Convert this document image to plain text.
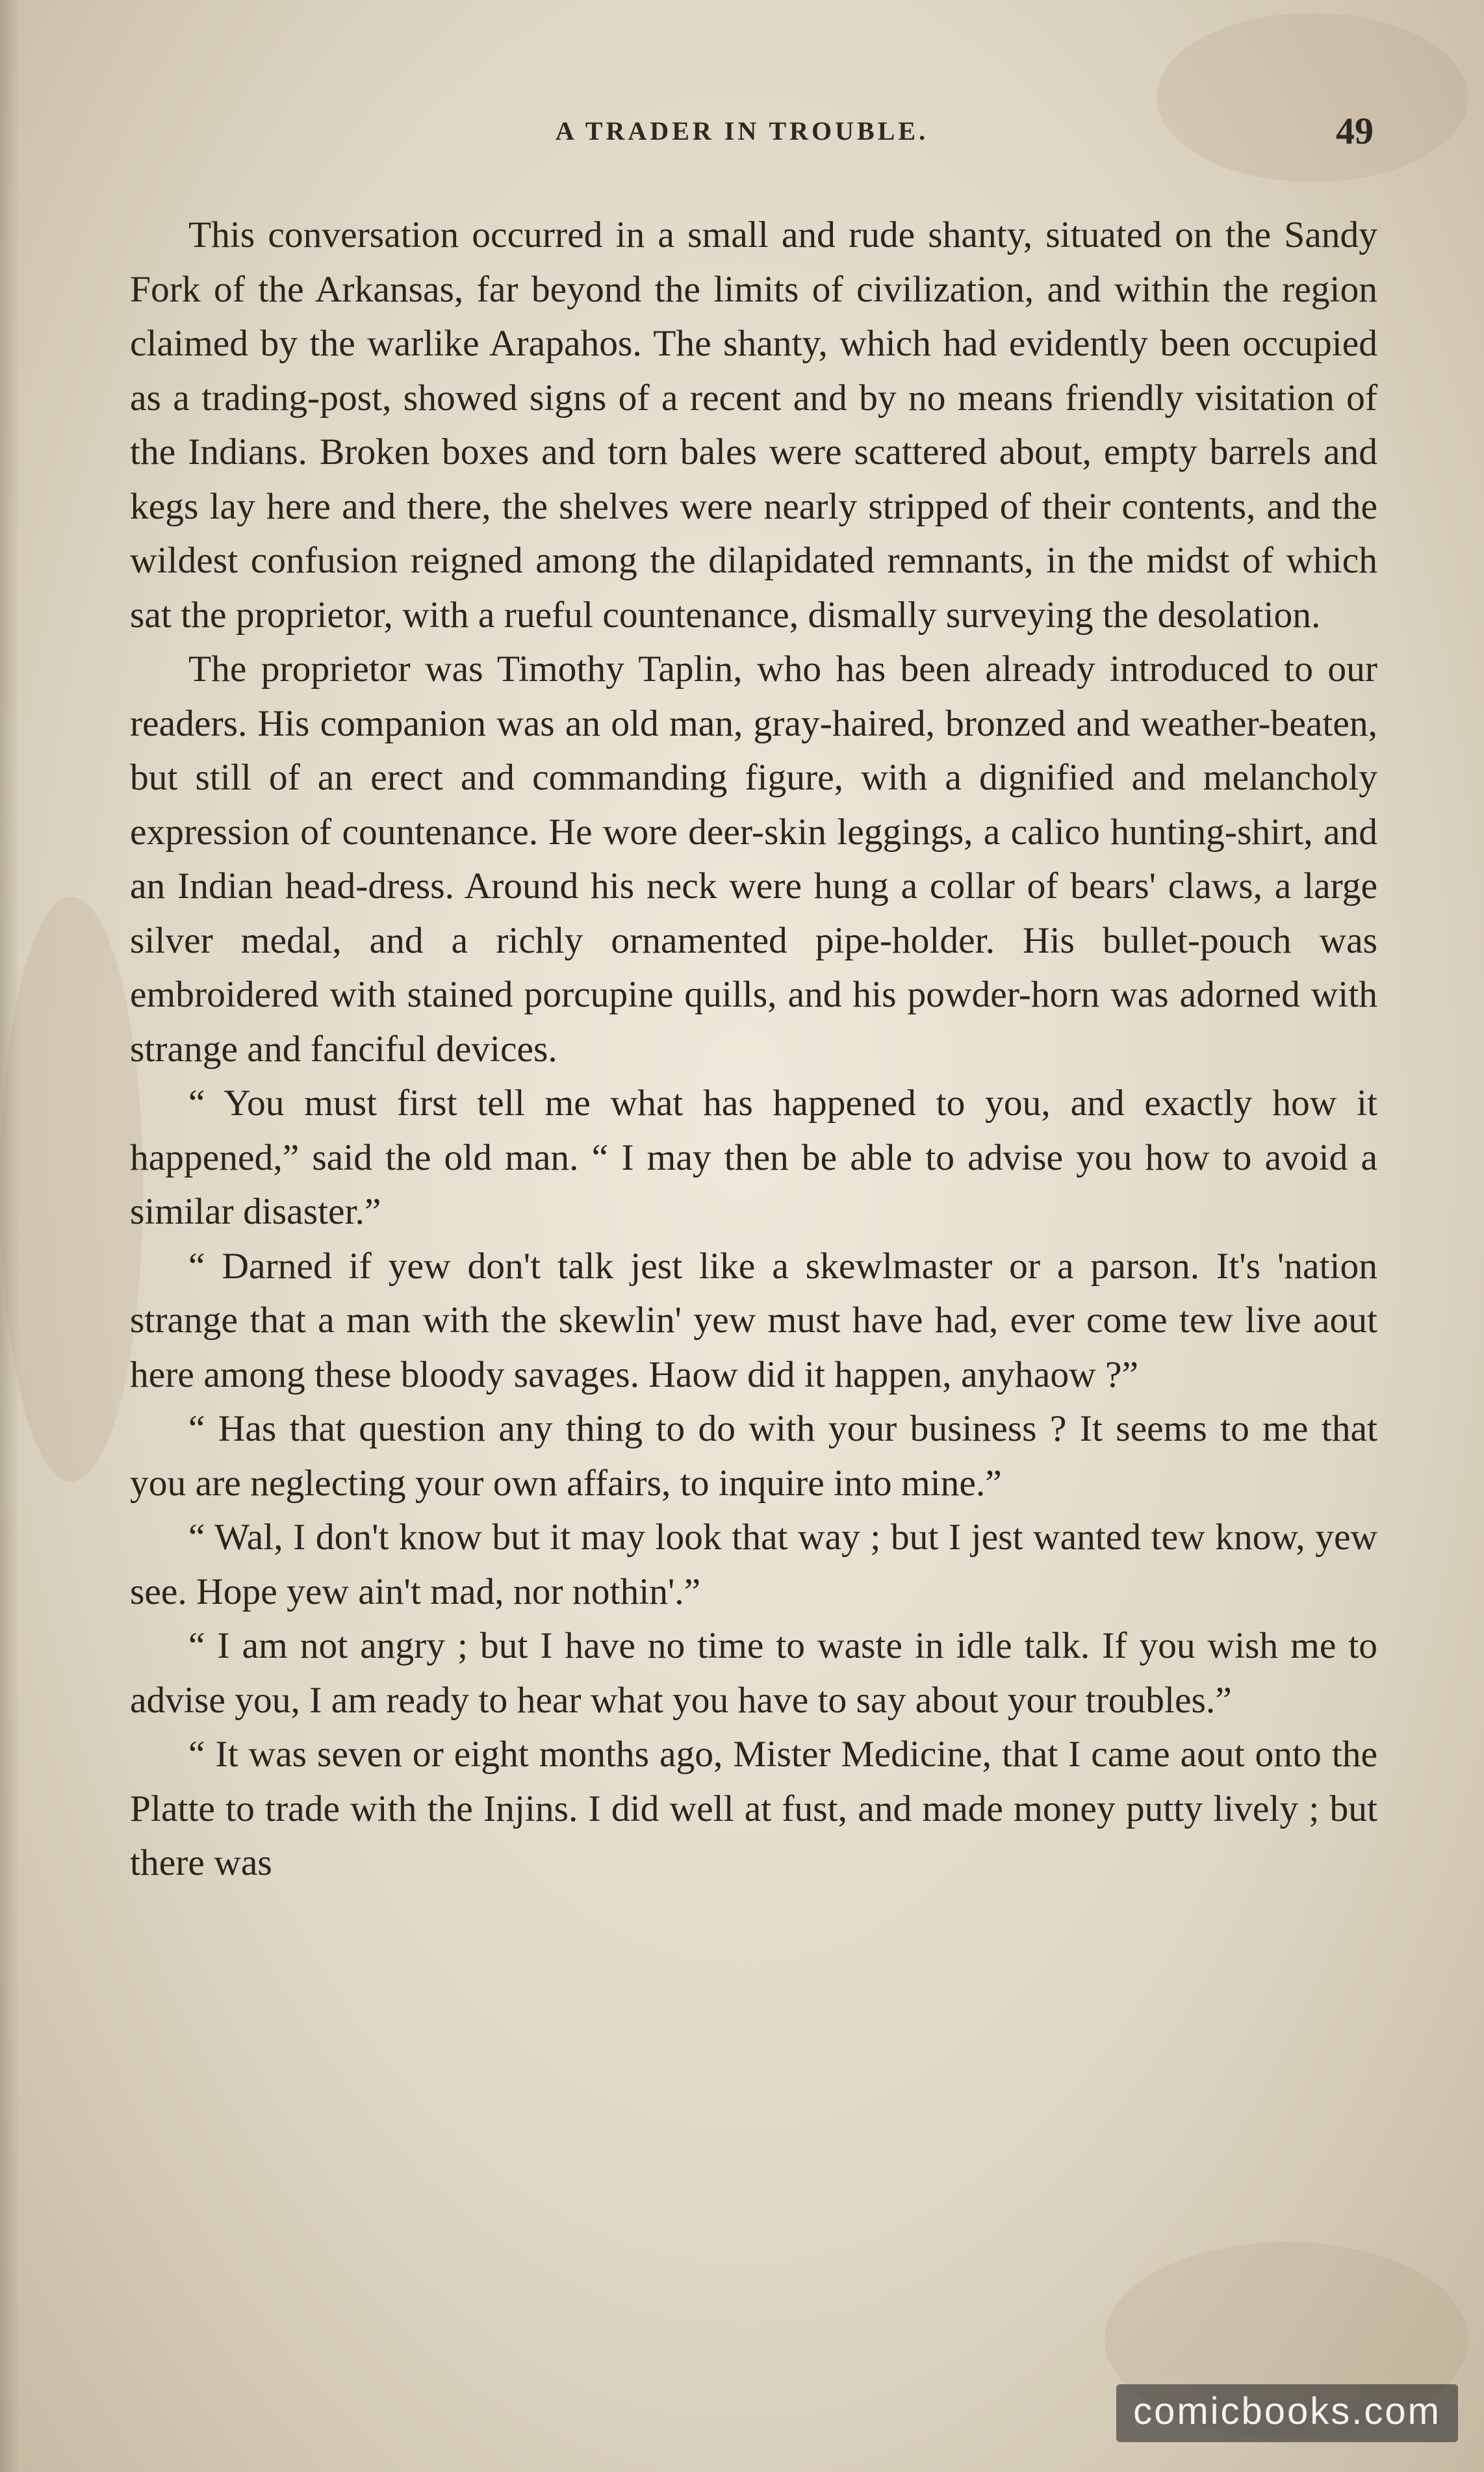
A TRADER IN TROUBLE.	49

This conversation occurred in a small and rude shanty, situated on the Sandy Fork of the Arkansas, far beyond the limits of civilization, and within the region claimed by the warlike Arapahos. The shanty, which had evidently been occupied as a trading-post, showed signs of a recent and by no means friendly visitation of the Indians. Broken boxes and torn bales were scattered about, empty barrels and kegs lay here and there, the shelves were nearly stripped of their contents, and the wildest confusion reigned among the dilapidated remnants, in the midst of which sat the proprietor, with a rueful countenance, dismally surveying the desolation.

The proprietor was Timothy Taplin, who has been already introduced to our readers. His companion was an old man, gray-haired, bronzed and weather-beaten, but still of an erect and commanding figure, with a dignified and melancholy expression of countenance. He wore deer-skin leggings, a calico hunting-shirt, and an Indian head-dress. Around his neck were hung a collar of bears' claws, a large silver medal, and a richly ornamented pipe-holder. His bullet-pouch was embroidered with stained porcupine quills, and his powder-horn was adorned with strange and fanciful devices.

“ You must first tell me what has happened to you, and exactly how it happened,” said the old man. “ I may then be able to advise you how to avoid a similar disaster.”

“ Darned if yew don't talk jest like a skewlmaster or a parson. It's 'nation strange that a man with the skewlin' yew must have had, ever come tew live aout here among these bloody savages. Haow did it happen, anyhaow ?”

“ Has that question any thing to do with your business ? It seems to me that you are neglecting your own affairs, to inquire into mine.”

“ Wal, I don't know but it may look that way ; but I jest wanted tew know, yew see. Hope yew ain't mad, nor nothin'.”

“ I am not angry ; but I have no time to waste in idle talk. If you wish me to advise you, I am ready to hear what you have to say about your troubles.”

“ It was seven or eight months ago, Mister Medicine, that I came aout onto the Platte to trade with the Injins. I did well at fust, and made money putty lively ; but there was

comicbooks.com
